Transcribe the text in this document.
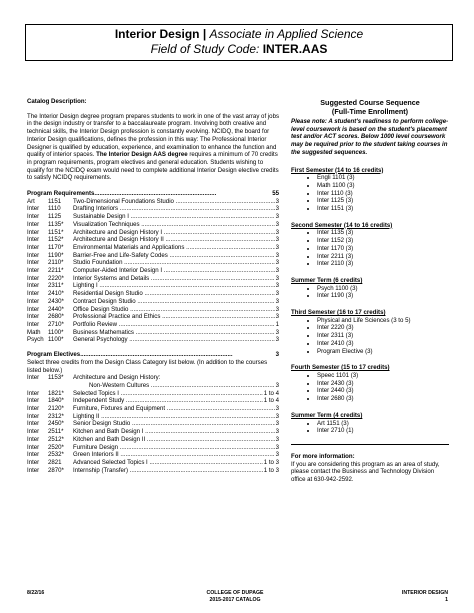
Interior Design | Associate in Applied Science
Field of Study Code: INTER.AAS
Catalog Description:
The Interior Design degree program prepares students to work in one of the vast array of jobs in the design industry or transfer to a baccalaureate program. Involving both creative and technical skills, the Interior Design profession is constantly evolving. NCIDQ, the board for Interior Design qualifications, defines the profession in this way: The Professional Interior Designer is qualified by education, experience, and examination to enhance the function and quality of interior spaces. The Interior Design AAS degree requires a minimum of 70 credits in program requirements, program electives and general education. Students wishing to qualify for the NCIDQ exam would need to complete additional Interior Design elective credits to satisfy NCIDQ requirements.
Program Requirements ........................................................................	55
Art	1151	Two-Dimensional Foundations Studio .....	3
Inter	1110	Drafting Interiors .....	3
Inter	1125	Sustainable Design I .....	3
Inter	1135*	Visualization Techniques .....	3
Inter	1151*	Architecture and Design History I .....	3
Inter	1152*	Architecture and Design History II .....	3
Inter	1170*	Environmental Materials and Applications .....	3
Inter	1190*	Barrier-Free and Life-Safety Codes .....	3
Inter	2110*	Studio Foundation .....	3
Inter	2211*	Computer-Aided Interior Design I .....	3
Inter	2220*	Interior Systems and Details .....	3
Inter	2311*	Lighting I .....	3
Inter	2410*	Residential Design Studio .....	3
Inter	2430*	Contract Design Studio .....	3
Inter	2440*	Office Design Studio .....	3
Inter	2680*	Professional Practice and Ethics .....	3
Inter	2710*	Portfolio Review .....	1
Math	1100*	Business Mathematics .....	3
Psych 1100*	General Psychology .....	3
Program Electives ..........................................................................................	3
Select three credits from the Design Class Category list below. (In addition to the courses listed below.)
Inter	1153*	Architecture and Design History:
Non-Western Cultures .....	3
Inter	1821*	Selected Topics I .....	1 to 4
Inter	1840*	Independent Study .....	1 to 4
Inter	2120*	Furniture, Fixtures and Equipment .....	3
Inter	2312*	Lighting II .....	3
Inter	2450*	Senior Design Studio .....	3
Inter	2511*	Kitchen and Bath Design I .....	3
Inter	2512*	Kitchen and Bath Design II .....	3
Inter	2520*	Furniture Design .....	3
Inter	2532*	Green Interiors II .....	3
Inter	2821	Advanced Selected Topics I .....	1 to 3
Inter	2870*	Internship (Transfer) .....	1 to 3
Suggested Course Sequence
(Full-Time Enrollment)
Please note: A student's readiness to perform college-level coursework is based on the student's placement test and/or ACT scores. Below 1000 level coursework may be required prior to the student taking courses in the suggested sequences.
First Semester (14 to 16 credits)
• Engli 1101 (3)
• Math 1100 (3)
• Inter 1110 (3)
• Inter 1125 (3)
• Inter 1151 (3)
Second Semester (14 to 16 credits)
• Inter 1135 (3)
• Inter 1152 (3)
• Inter 1170 (3)
• Inter 2211 (3)
• Inter 2110 (3)
Summer Term (6 credits)
• Psych 1100 (3)
• Inter 1190 (3)
Third Semester (16 to 17 credits)
• Physical and Life Sciences (3 to 5)
• Inter 2220 (3)
• Inter 2311 (3)
• Inter 2410 (3)
• Program Elective (3)
Fourth Semester (15 to 17 credits)
• Speec 1101 (3)
• Inter 2430 (3)
• Inter 2440 (3)
• Inter 2680 (3)
Summer Term (4 credits)
• Art 1151 (3)
• Inter 2710 (1)
For more information:
If you are considering this program as an area of study, please contact the Business and Technology Division office at 630-942-2592.
8/22/16	COLLEGE OF DUPAGE
2015-2017 CATALOG
INTERIOR DESIGN
1
